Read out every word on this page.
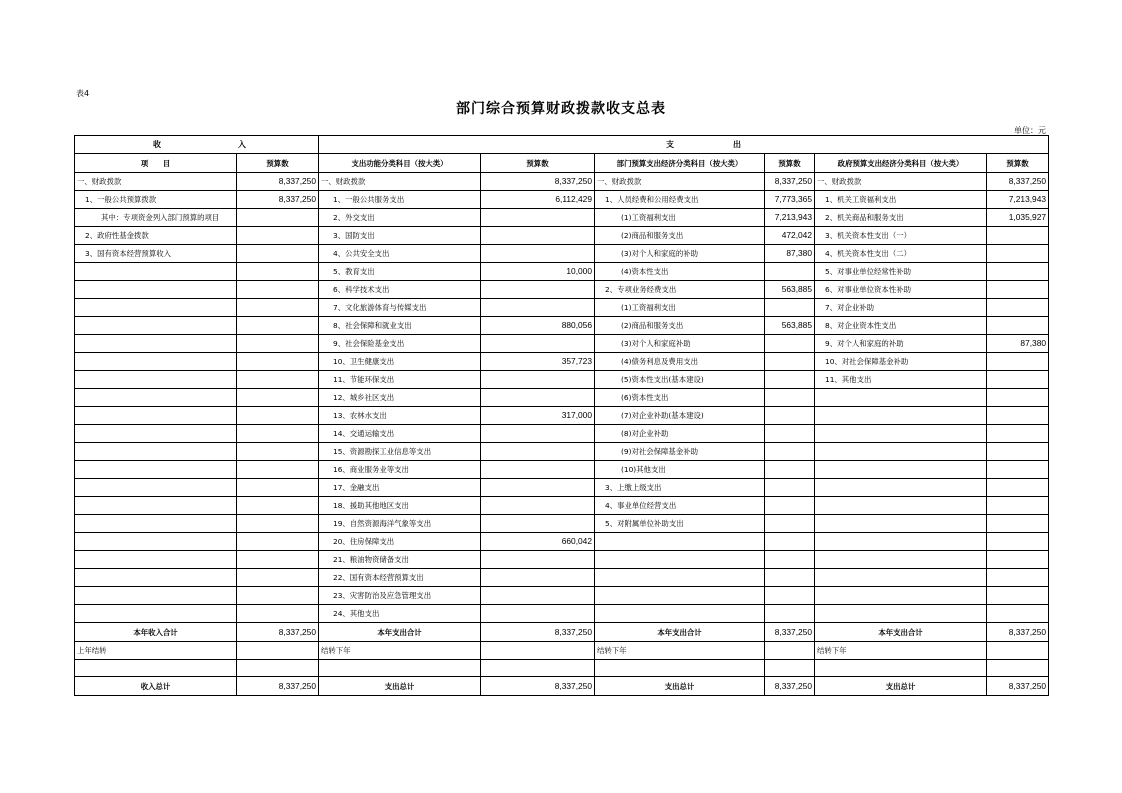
表4
部门综合预算财政拨款收支总表
单位：元
收 入		支 出					

项　　目	预算数	支出功能分类科目（按大类）	预算数	部门预算支出经济分类科目（按大类）	预算数	政府预算支出经济分类科目（按大类）	预算数
一、财政拨款	8,337,250	一、财政拨款	8,337,250	一、财政拨款	8,337,250	一、财政拨款	8,337,250
1、一般公共预算拨款	8,337,250	1、一般公共服务支出	6,112,429	1、人员经费和公用经费支出	7,773,365	1、机关工资福利支出	7,213,943
其中：专项资金列入部门预算的项目		2、外交支出		(1)工资福利支出	7,213,943	2、机关商品和服务支出	1,035,927
2、政府性基金拨款		3、国防支出		(2)商品和服务支出	472,042	3、机关资本性支出（一）	
3、国有资本经营预算收入		4、公共安全支出		(3)对个人和家庭的补助	87,380	4、机关资本性支出（二）	
		5、教育支出	10,000	(4)资本性支出		5、对事业单位经常性补助	
		6、科学技术支出		2、专项业务经费支出	563,885	6、对事业单位资本性补助	
		7、文化旅游体育与传媒支出		(1)工资福利支出		7、对企业补助	
		8、社会保障和就业支出	880,056	(2)商品和服务支出	563,885	8、对企业资本性支出	
		9、社会保险基金支出		(3)对个人和家庭补助		9、对个人和家庭的补助	87,380
		10、卫生健康支出	357,723	(4)债务利息及费用支出		10、对社会保障基金补助	
		11、节能环保支出		(5)资本性支出(基本建设)		11、其他支出	
		12、城乡社区支出		(6)资本性支出			
		13、农林水支出	317,000	(7)对企业补助(基本建设)			
		14、交通运输支出		(8)对企业补助			
		15、资源勘探工业信息等支出		(9)对社会保障基金补助			
		16、商业服务业等支出		(10)其他支出			
		17、金融支出		3、上缴上级支出			
		18、援助其他地区支出		4、事业单位经营支出			
		19、自然资源海洋气象等支出		5、对附属单位补助支出			
		20、住房保障支出	660,042				
		21、粮油物资储备支出					
		22、国有资本经营预算支出					
		23、灾害防治及应急管理支出					
		24、其他支出					
本年收入合计	8,337,250	本年支出合计	8,337,250	本年支出合计	8,337,250	本年支出合计	8,337,250
上年结转		结转下年		结转下年		结转下年	

收入总计	8,337,250	支出总计	8,337,250	支出总计	8,337,250	支出总计	8,337,250
